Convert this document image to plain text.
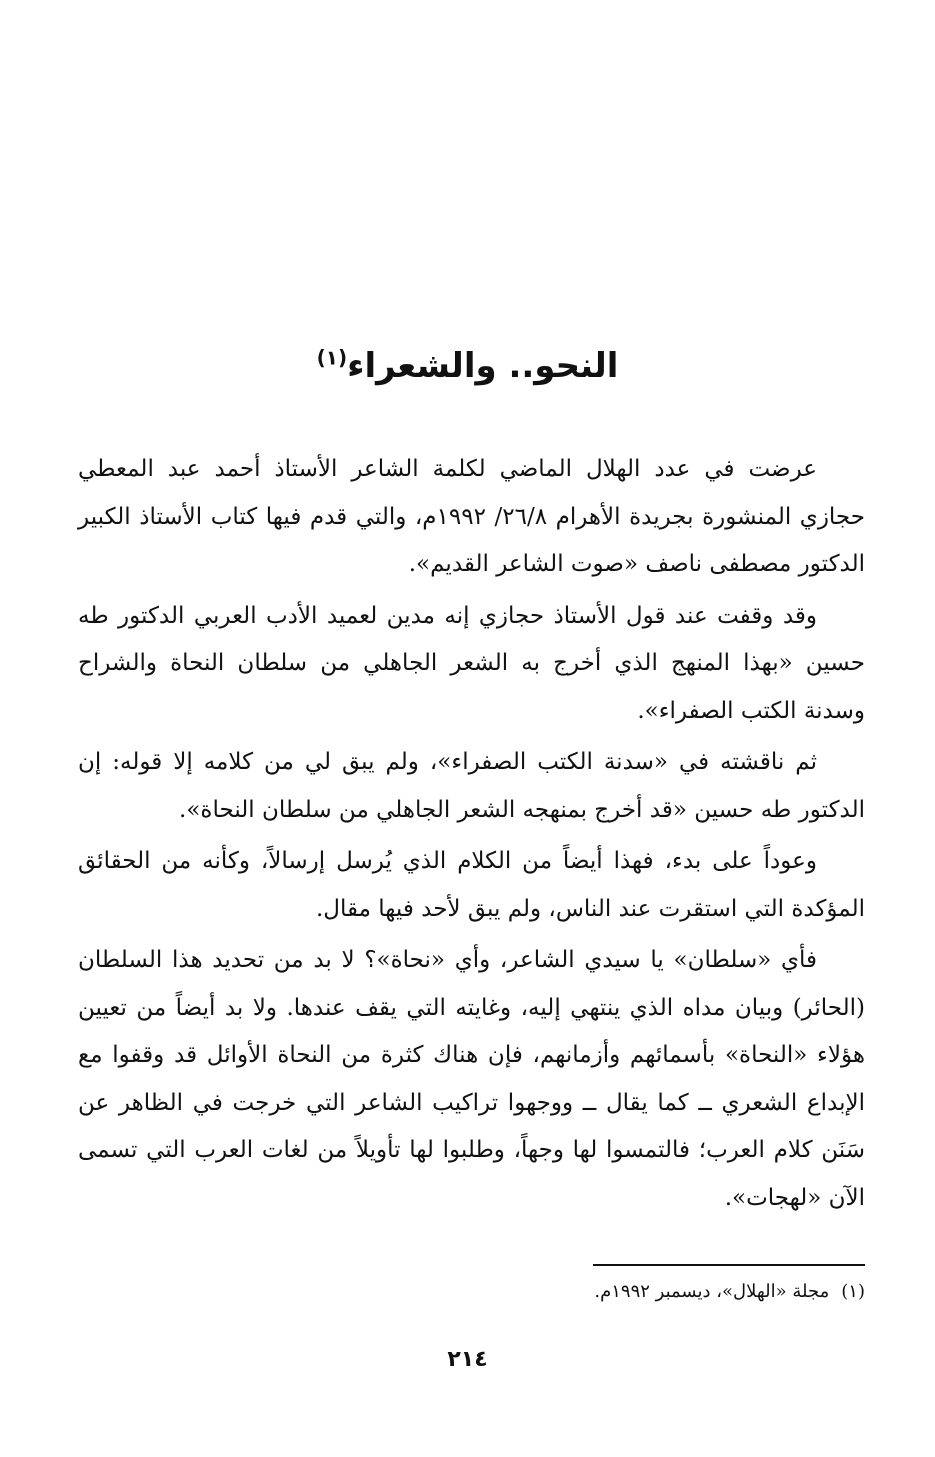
النحو.. والشعراء$^{(١)}$

عرضت في عدد الهلال الماضي لكلمة الشاعر الأستاذ أحمد عبد المعطي حجازي المنشورة بجريدة الأهرام ٢٦/٨/ ١٩٩٢م، والتي قدم فيها كتاب الأستاذ الكبير الدكتور مصطفى ناصف «صوت الشاعر القديم».

وقد وقفت عند قول الأستاذ حجازي إنه مدين لعميد الأدب العربي الدكتور طه حسين «بهذا المنهج الذي أخرج به الشعر الجاهلي من سلطان النحاة والشراح وسدنة الكتب الصفراء».

ثم ناقشته في «سدنة الكتب الصفراء»، ولم يبق لي من كلامه إلا قوله: إن الدكتور طه حسين «قد أخرج بمنهجه الشعر الجاهلي من سلطان النحاة».

وعوداً على بدء، فهذا أيضاً من الكلام الذي يُرسل إرسالاً، وكأنه من الحقائق المؤكدة التي استقرت عند الناس، ولم يبق لأحد فيها مقال.

فأي «سلطان» يا سيدي الشاعر، وأي «نحاة»؟ لا بد من تحديد هذا السلطان (الحائر) وبيان مداه الذي ينتهي إليه، وغايته التي يقف عندها. ولا بد أيضاً من تعيين هؤلاء «النحاة» بأسمائهم وأزمانهم، فإن هناك كثرة من النحاة الأوائل قد وقفوا مع الإبداع الشعري ــ كما يقال ــ ووجهوا تراكيب الشاعر التي خرجت في الظاهر عن سَنَن كلام العرب؛ فالتمسوا لها وجهاً، وطلبوا لها تأويلاً من لغات العرب التي تسمى الآن «لهجات».

(١)مجلة «الهلال»، ديسمبر ١٩٩٢م.
٢١٤
